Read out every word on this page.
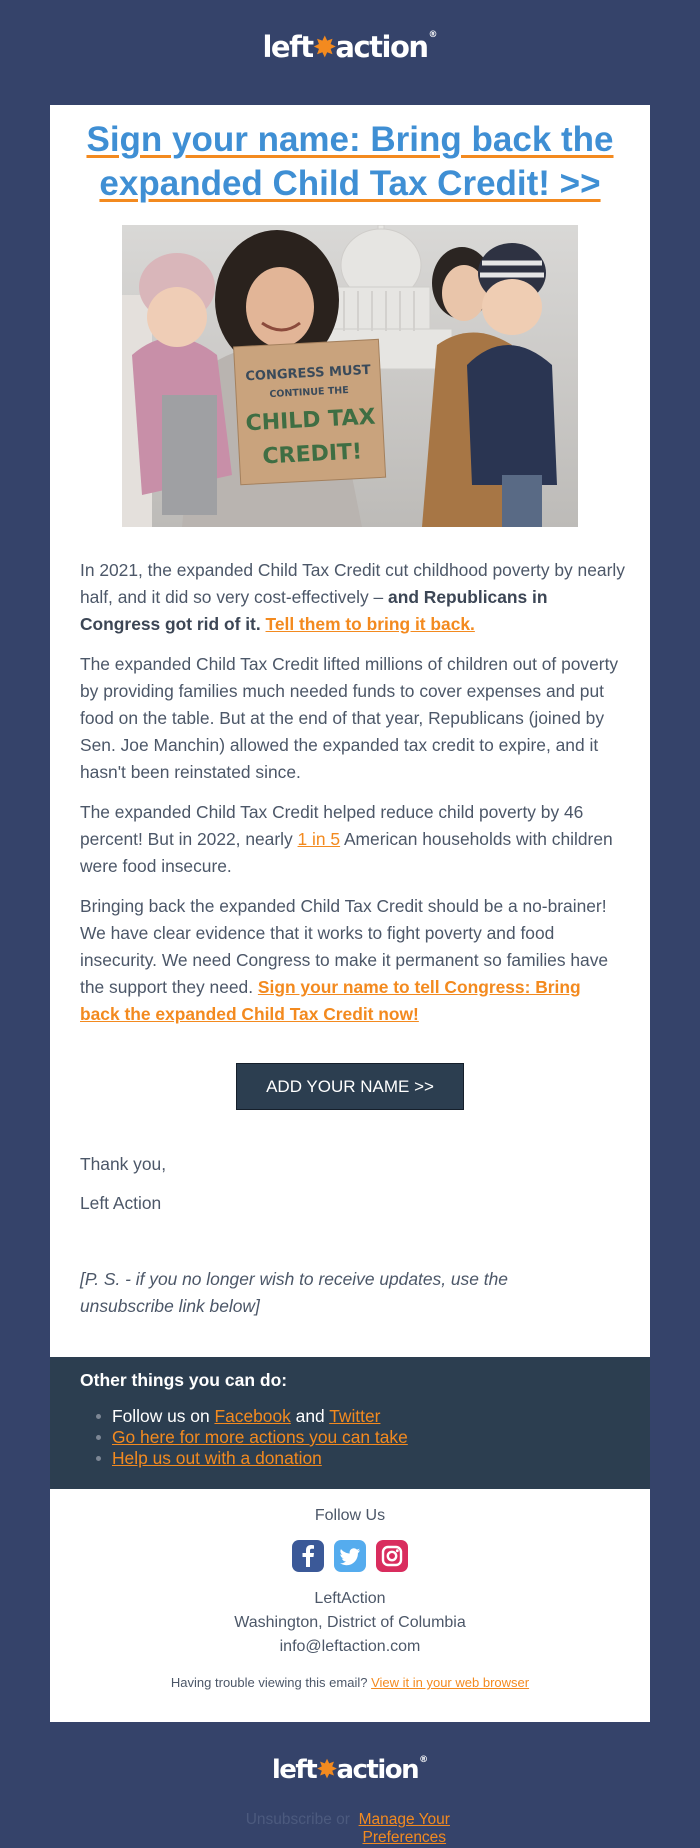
left✸action®
Sign your name: Bring back the expanded Child Tax Credit! >>
CONGRESS MUST
CONTINUE THE
CHILD TAX
CREDIT!
In 2021, the expanded Child Tax Credit cut childhood poverty by nearly half, and it did so very cost-effectively – and Republicans in Congress got rid of it. Tell them to bring it back.
The expanded Child Tax Credit lifted millions of children out of poverty by providing families much needed funds to cover expenses and put food on the table. But at the end of that year, Republicans (joined by Sen. Joe Manchin) allowed the expanded tax credit to expire, and it hasn't been reinstated since.
The expanded Child Tax Credit helped reduce child poverty by 46 percent! But in 2022, nearly 1 in 5 American households with children were food insecure.
Bringing back the expanded Child Tax Credit should be a no-brainer! We have clear evidence that it works to fight poverty and food insecurity. We need Congress to make it permanent so families have the support they need. Sign your name to tell Congress: Bring back the expanded Child Tax Credit now!
ADD YOUR NAME >>
Thank you,
Left Action
[P. S. - if you no longer wish to receive updates, use the unsubscribe link below]
Other things you can do:
Follow us on Facebook and Twitter
Go here for more actions you can take
Help us out with a donation
Follow Us
LeftAction
Washington, District of Columbia
info@leftaction.com
Having trouble viewing this email? View it in your web browser
left✸action®
Unsubscribe or Manage Your Preferences
